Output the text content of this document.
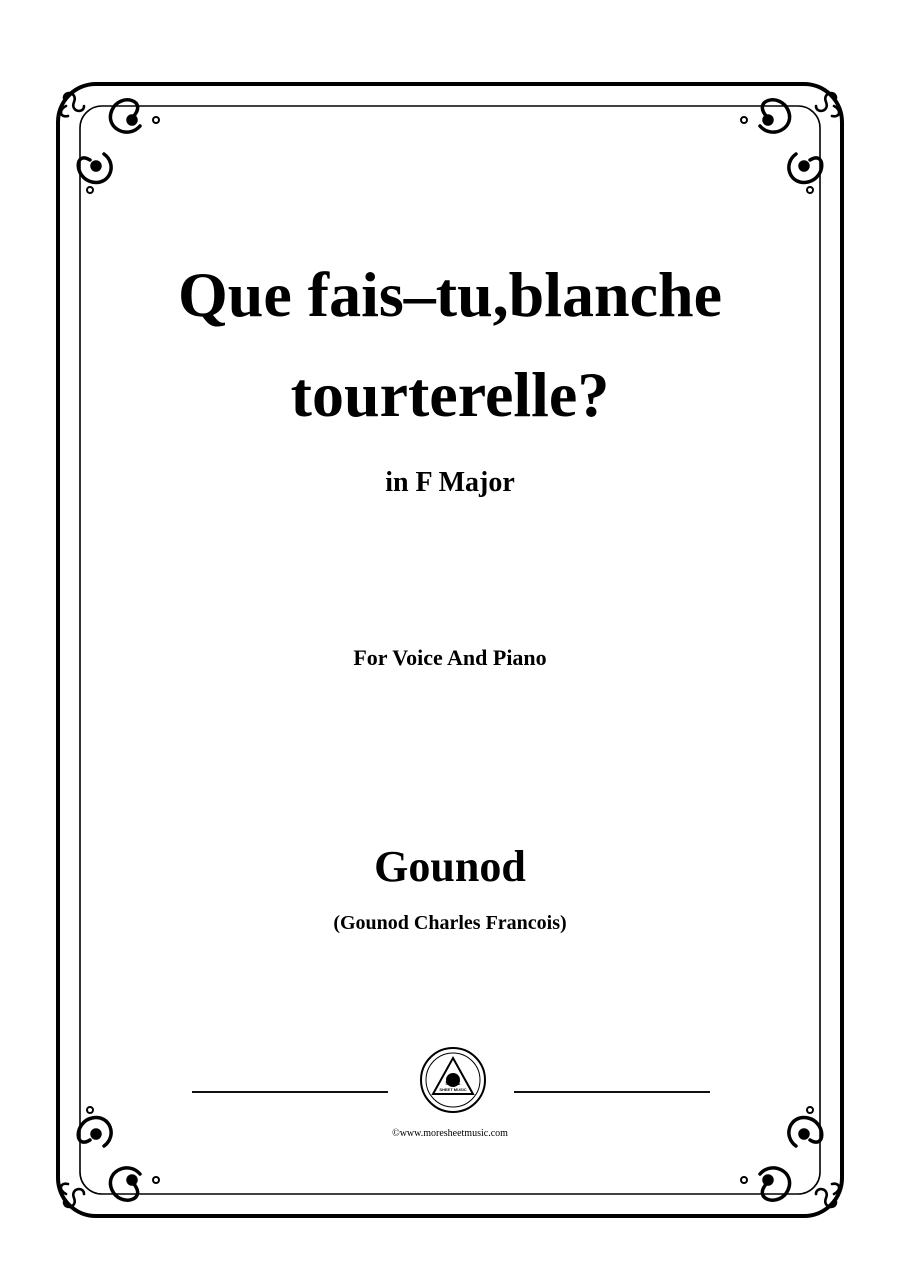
Que fais–tu,blanche
tourterelle?
in F Major
For Voice And Piano
Gounod
(Gounod Charles Francois)
MORE
SHEET MUSIC
©www.moresheetmusic.com
